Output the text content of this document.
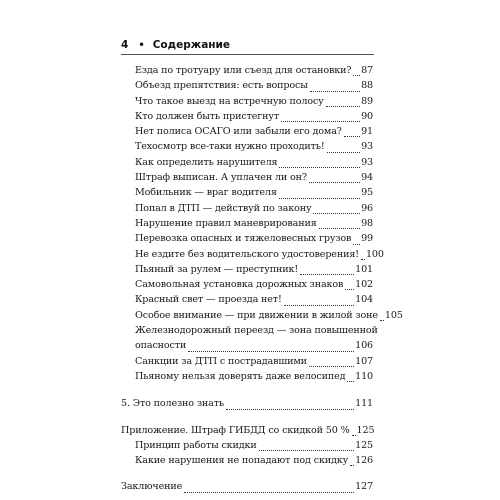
4 • Содержание
Езда по тротуару или съезд для остановки? 87
Объезд препятствия: есть вопросы	88
Что такое выезд на встречную полосу	89
Кто должен быть пристегнут	90
Нет полиса ОСАГО или забыли его дома? 91
Техосмотр все-таки нужно проходить!	93
Как определить нарушителя	93
Штраф выписан. А уплачен ли он?	94
Мобильник — враг водителя	95
Попал в ДТП — действуй по закону	96
Нарушение правил маневрирования	98
Перевозка опасных и тяжеловесных грузов 99
Не ездите без водительского удостоверения! 100
Пьяный за рулем — преступник!	101
Самовольная установка дорожных знаков 102
Красный свет — проезда нет!	104
Особое внимание — при движении в жилой зоне 105
Железнодорожный переезд — зона повышенной
опасности	106
Санкции за ДТП с пострадавшими	107
Пьяному нельзя доверять даже велосипед 110
5. Это полезно знать	111
Приложение. Штраф ГИБДД со скидкой 50 % 125
Принцип работы скидки	125
Какие нарушения не попадают под скидку 126
Заключение	127
